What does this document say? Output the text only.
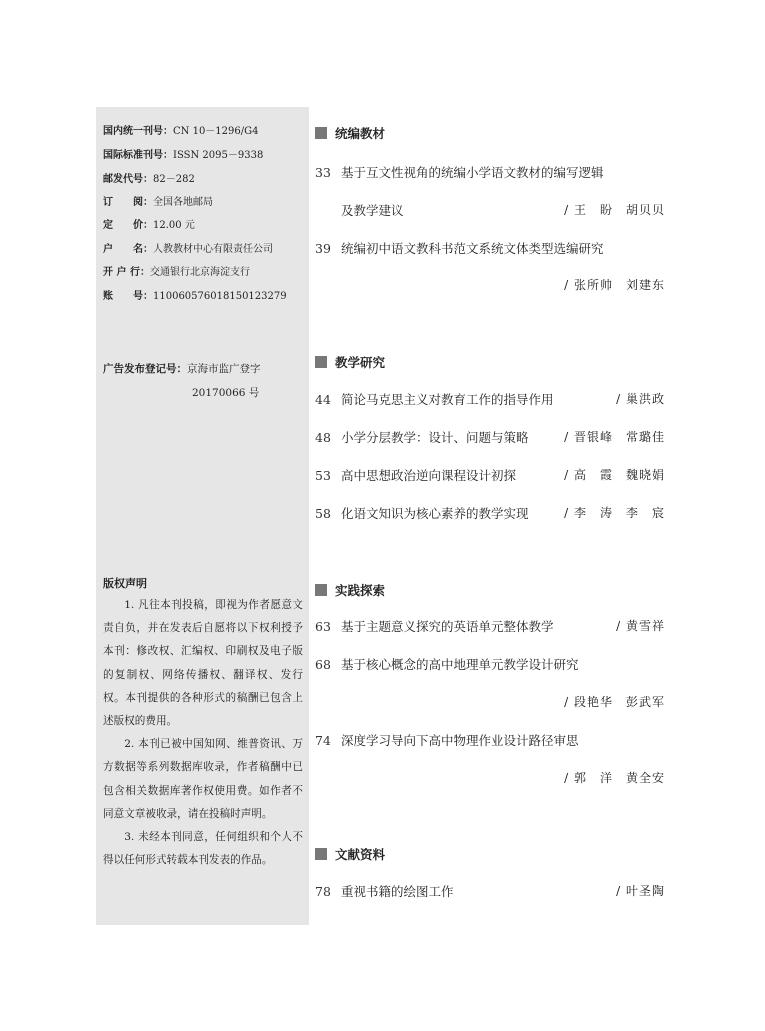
国内统一刊号：CN 10－1296/G4
国际标准刊号：ISSN 2095－9338
邮发代号：82－282
订　　阅：全国各地邮局
定　　价：12.00 元
户　　名：人教教材中心有限责任公司
开 户 行：交通银行北京海淀支行
账　　号：110060576018150123279
广告发布登记号：京海市监广登字
20170066 号
版权声明

1. 凡往本刊投稿，即视为作者愿意文责自负，并在发表后自愿将以下权利授予本刊：修改权、汇编权、印刷权及电子版的复制权、网络传播权、翻译权、发行权。本刊提供的各种形式的稿酬已包含上述版权的费用。

2. 本刊已被中国知网、维普资讯、万方数据等系列数据库收录，作者稿酬中已包含相关数据库著作权使用费。如作者不同意文章被收录，请在投稿时声明。

3. 未经本刊同意，任何组织和个人不得以任何形式转载本刊发表的作品。

统编教材
33 基于互文性视角的统编小学语文教材的编写逻辑
及教学建议	/ 王　盼　胡贝贝
39 统编初中语文教科书范文系统文体类型选编研究
/ 张所帅　刘建东
教学研究
44 简论马克思主义对教育工作的指导作用	/ 巢洪政
48 小学分层教学：设计、问题与策略	/ 晋银峰　常璐佳
53 高中思想政治逆向课程设计初探	/ 高　霞　魏晓娟
58 化语文知识为核心素养的教学实现	/ 李　涛　李　宸
实践探索
63 基于主题意义探究的英语单元整体教学	/ 黄雪祥
68 基于核心概念的高中地理单元教学设计研究
/ 段艳华　彭武军
74 深度学习导向下高中物理作业设计路径审思
/ 郭　洋　黄全安
文献资料
78 重视书籍的绘图工作	/ 叶圣陶
